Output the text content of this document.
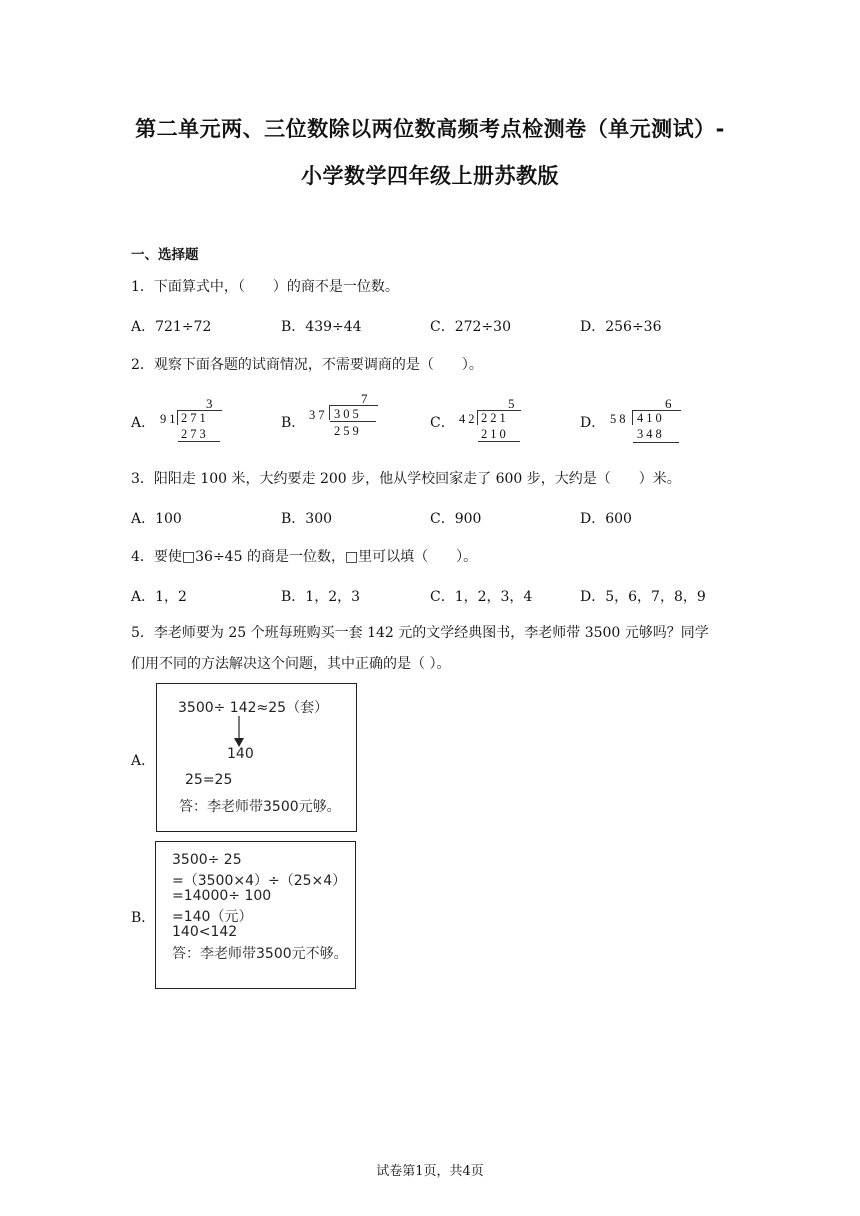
第二单元两、三位数除以两位数高频考点检测卷（单元测试）-
小学数学四年级上册苏教版
一、选择题
1．下面算式中，（　　）的商不是一位数。
A．721÷72	B．439÷44	C．272÷30	D．256÷36
2．观察下面各题的试商情况，不需要调商的是（　　）。
A．
3
91 271
273
B．
7
37 305
259	C．
5
42 221
210
D．
6
58 410
348
3．阳阳走 100 米，大约要走 200 步，他从学校回家走了 600 步，大约是（　　）米。
A．100	B．300	C．900	D．600
4．要使□36÷45 的商是一位数，□里可以填（　　）。
A．1，2	B．1，2，3	C．1，2，3，4	D．5，6，7，8，9
5．李老师要为 25 个班每班购买一套 142 元的文学经典图书，李老师带 3500 元够吗？同学
们用不同的方法解决这个问题，其中正确的是（ ）。
A．
3500÷ 142≈25（套）
140
25=25
答：李老师带3500元够。
B．
3500÷ 25
=（3500×4）÷（25×4）
=14000÷ 100
=140（元）
140<142
答：李老师带3500元不够。
试卷第1页，共4页
